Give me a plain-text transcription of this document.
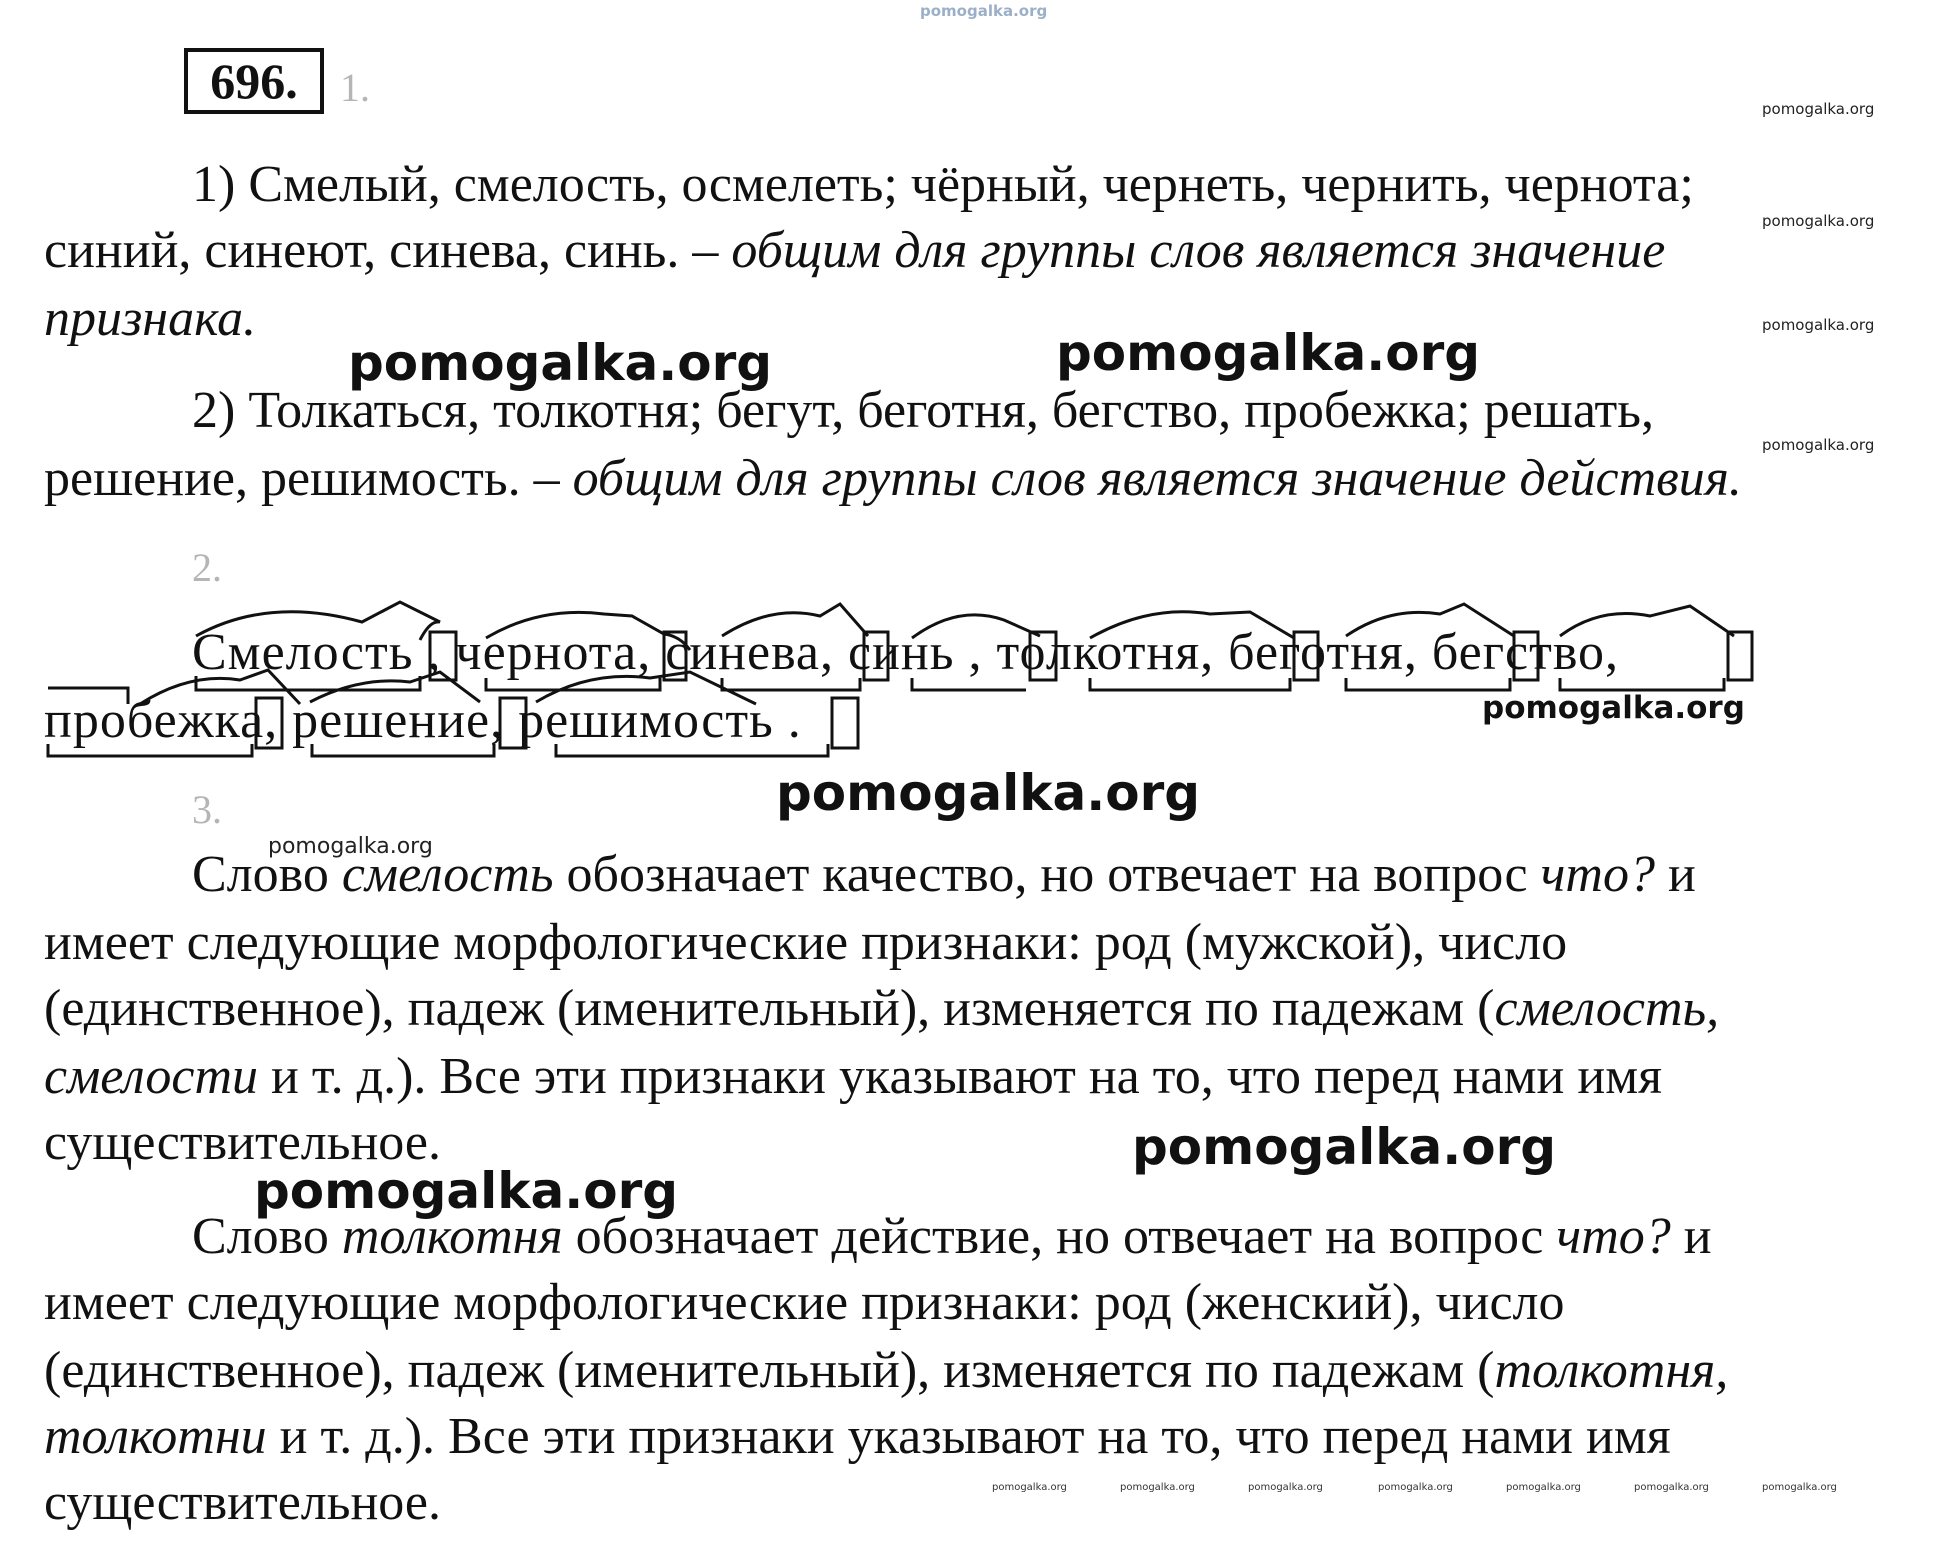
pomogalka.org
696.	1.
1) Смелый, смелость, осмелеть; чёрный, чернеть, чернить, чернота;
синий, синеют, синева, синь. – общим для группы слов является значение
признака.
2) Толкаться, толкотня; бегут, беготня, бегство, пробежка; решать,
решение, решимость. – общим для группы слов является значение действия.
2.
Смелость , чернота, синева, синь , толкотня, беготня, бегство,
пробежка, решение, решимость .
3.
Слово смелость обозначает качество, но отвечает на вопрос что? и
имеет следующие морфологические признаки: род (мужской), число
(единственное), падеж (именительный), изменяется по падежам (смелость,
смелости и т. д.). Все эти признаки указывают на то, что перед нами имя
существительное.
Слово толкотня обозначает действие, но отвечает на вопрос что? и
имеет следующие морфологические признаки: род (женский), число
(единственное), падеж (именительный), изменяется по падежам (толкотня,
толкотни и т. д.). Все эти признаки указывают на то, что перед нами имя
существительное.
pomogalka.org	pomogalka.org
pomogalka.org
pomogalka.org
pomogalka.org
pomogalka.org
pomogalka.org
pomogalka.org
pomogalka.org
pomogalka.org
pomogalka.org
pomogalka.org	pomogalka.org	pomogalka.org	pomogalka.org	pomogalka.org	pomogalka.org	pomogalka.org
